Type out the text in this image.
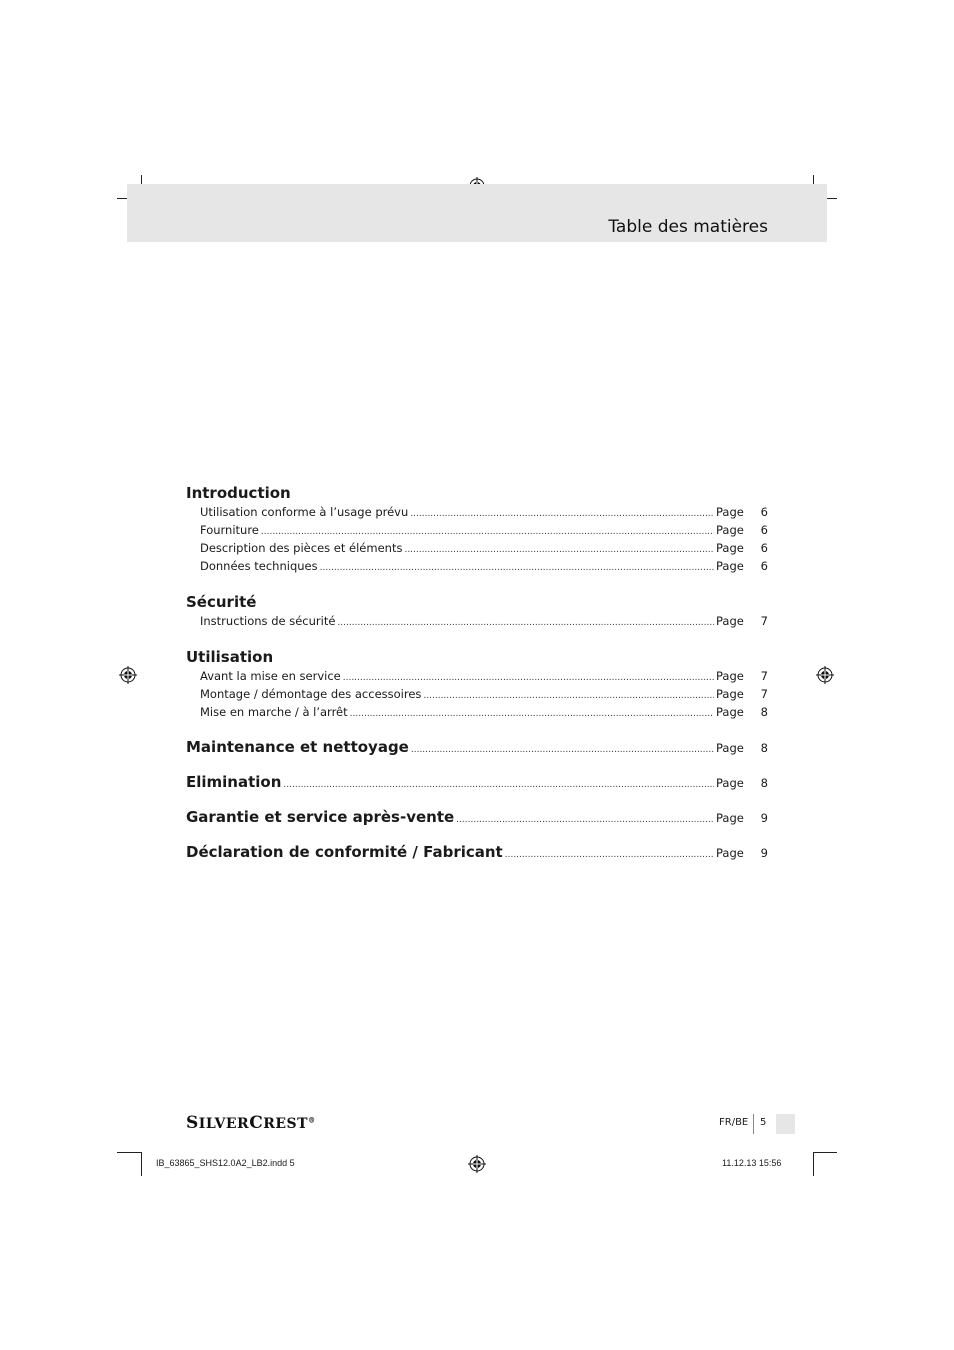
Table des matières
Introduction
Utilisation conforme à l’usage prévu .....	Page	6
Fourniture .....	Page	6
Description des pièces et éléments .....	Page	6
Données techniques .....	Page	6
Sécurité
Instructions de sécurité .....	Page	7
Utilisation
Avant la mise en service .....	Page	7
Montage / démontage des accessoires .....	Page	7
Mise en marche / à l’arrêt .....	Page	8
Maintenance et nettoyage .....	Page	8
Elimination .....	Page	8
Garantie et service après-vente .....	Page	9
Déclaration de conformité / Fabricant .....	Page	9
SILVERCREST®	FR/BE 5
IB_63865_SHS12.0A2_LB2.indd 5	11.12.13 15:56
